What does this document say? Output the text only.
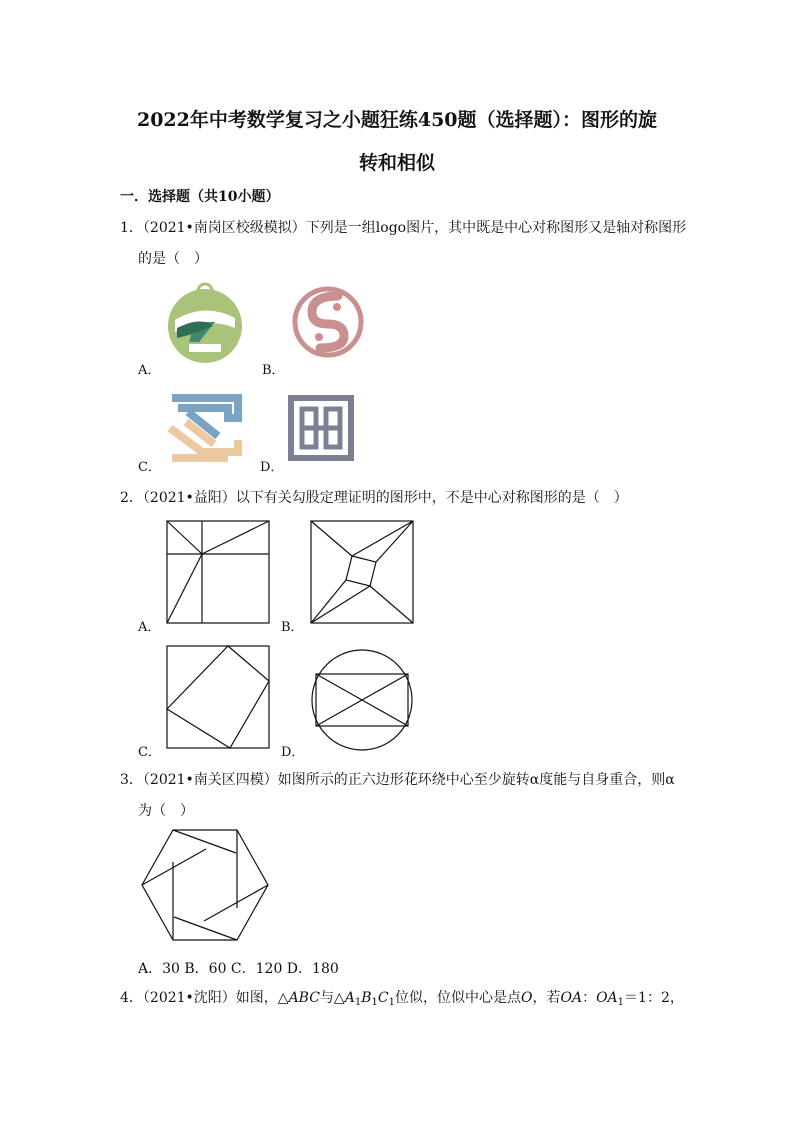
2022年中考数学复习之小题狂练450题（选择题）：图形的旋
转和相似
一．选择题（共10小题）
1．（2021•南岗区校级模拟）下列是一组logo图片，其中既是中心对称图形又是轴对称图形
的是（　）
A．	B．
C．	D．
2．（2021•益阳）以下有关勾股定理证明的图形中，不是中心对称图形的是（　）
A．	B．
C．	D．
3．（2021•南关区四模）如图所示的正六边形花环绕中心至少旋转α度能与自身重合，则α
为（　）
A．30 B．60 C．120 D．180
4．（2021•沈阳）如图，△ABC与$\triangle A_1B_1C_1$位似，位似中心是点O，若OA：$OA_1=1$：2，
